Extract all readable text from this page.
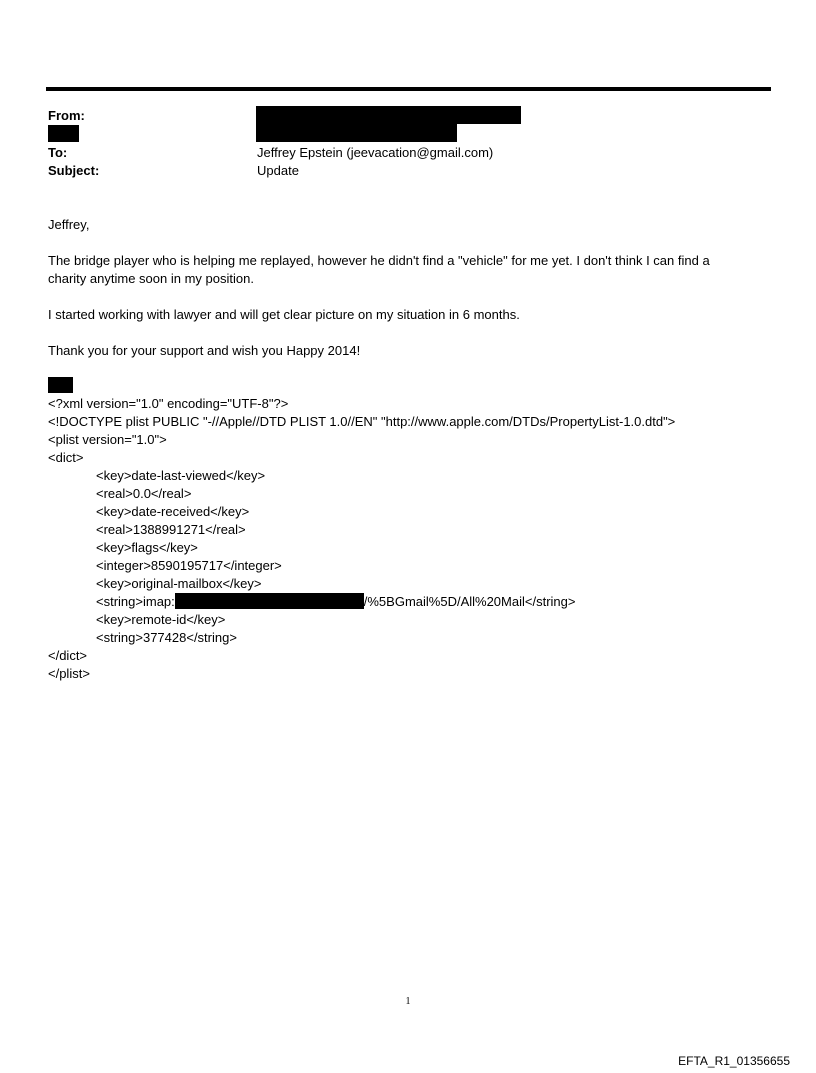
From:
To:	Jeffrey Epstein (jeevacation@gmail.com)
Subject:	Update

Jeffrey,

The bridge player who is helping me replayed, however he didn't find a "vehicle" for me yet. I don't think I can find a charity anytime soon in my position.

I started working with lawyer and will get clear picture on my situation in 6 months.

Thank you for your support and wish you Happy 2014!

<?xml version="1.0" encoding="UTF-8"?>
<!DOCTYPE plist PUBLIC "-//Apple//DTD PLIST 1.0//EN" "http://www.apple.com/DTDs/PropertyList-1.0.dtd">
<plist version="1.0">
<dict>
<key>date-last-viewed</key>
<real>0.0</real>
<key>date-received</key>
<real>1388991271</real>
<key>flags</key>
<integer>8590195717</integer>
<key>original-mailbox</key>
<string>imap:	/%5BGmail%5D/All%20Mail</string>
<key>remote-id</key>
<string>377428</string>
</dict>
</plist>
1
EFTA_R1_01356655
